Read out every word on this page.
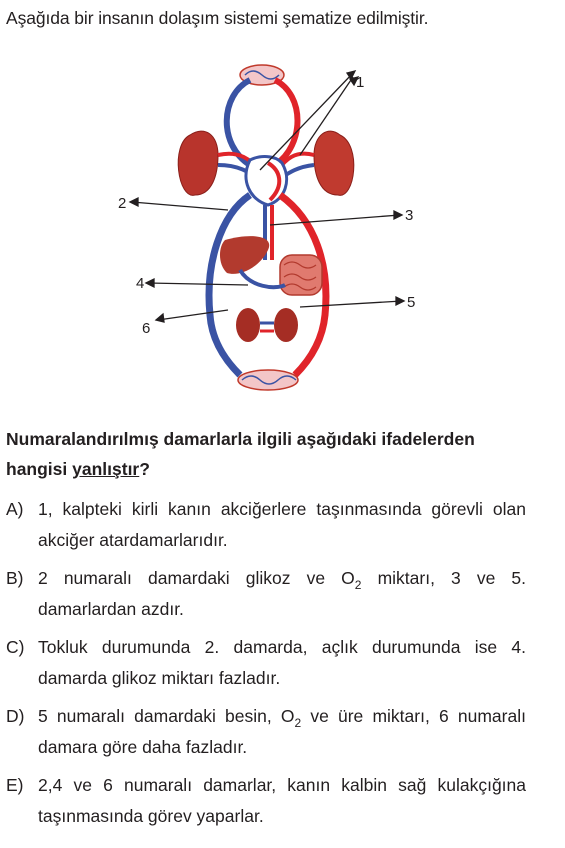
Aşağıda bir insanın dolaşım sistemi şematize edilmiştir.
1
2
3
4
5
6
Numaralandırılmış damarlarla ilgili aşağıdaki ifadelerden hangisi yanlıştır?
A) 1, kalpteki kirli kanın akciğerlere taşınmasında görevli olan akciğer atardamarlarıdır.
B) 2 numaralı damardaki glikoz ve $O_2$ miktarı, 3 ve 5. damarlardan azdır.
C) Tokluk durumunda 2. damarda, açlık durumunda ise 4. damarda glikoz miktarı fazladır.
D) 5 numaralı damardaki besin, $O_2$ ve üre miktarı, 6 numaralı damara göre daha fazladır.
E) 2,4 ve 6 numaralı damarlar, kanın kalbin sağ kulakçığına taşınmasında görev yaparlar.
